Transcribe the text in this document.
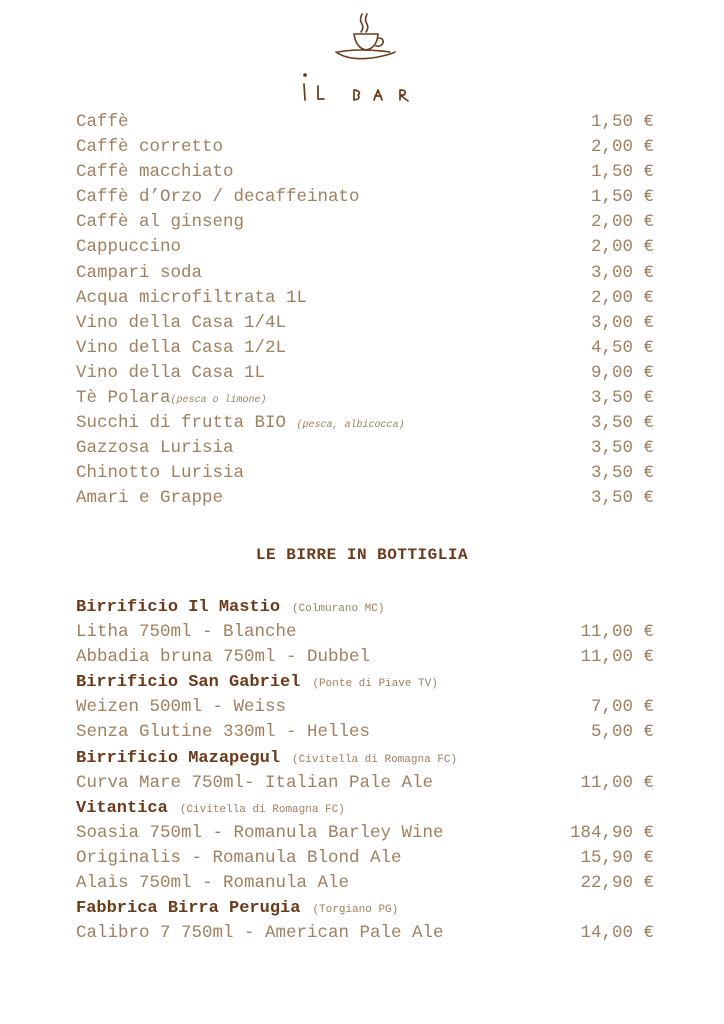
Caffè	1,50 €
Caffè corretto	2,00 €
Caffè macchiato	1,50 €
Caffè d’Orzo / decaffeinato	1,50 €
Caffè al ginseng	2,00 €
Cappuccino	2,00 €
Campari soda	3,00 €
Acqua microfiltrata 1L	2,00 €
Vino della Casa 1/4L	3,00 €
Vino della Casa 1/2L	4,50 €
Vino della Casa 1L	9,00 €
Tè Polara(pesca o limone)	3,50 €
Succhi di frutta BIO (pesca, albicocca)	3,50 €
Gazzosa Lurisia	3,50 €
Chinotto Lurisia	3,50 €
Amari e Grappe	3,50 €
LE BIRRE IN BOTTIGLIA
Birrificio Il Mastio (Colmurano MC)
Litha 750ml - Blanche	11,00 €
Abbadia bruna 750ml - Dubbel	11,00 €
Birrificio San Gabriel (Ponte di Piave TV)
Weizen 500ml - Weiss	7,00 €
Senza Glutine 330ml - Helles	5,00 €
Birrificio Mazapegul (Civitella di Romagna FC)
Curva Mare 750ml- Italian Pale Ale	11,00 €
Vitantica (Civitella di Romagna FC)
Soasia 750ml - Romanula Barley Wine	184,90 €
Originalis - Romanula Blond Ale	15,90 €
Alaìs 750ml - Romanula Ale	22,90 €
Fabbrica Birra Perugia (Torgiano PG)
Calibro 7 750ml - American Pale Ale	14,00 €
